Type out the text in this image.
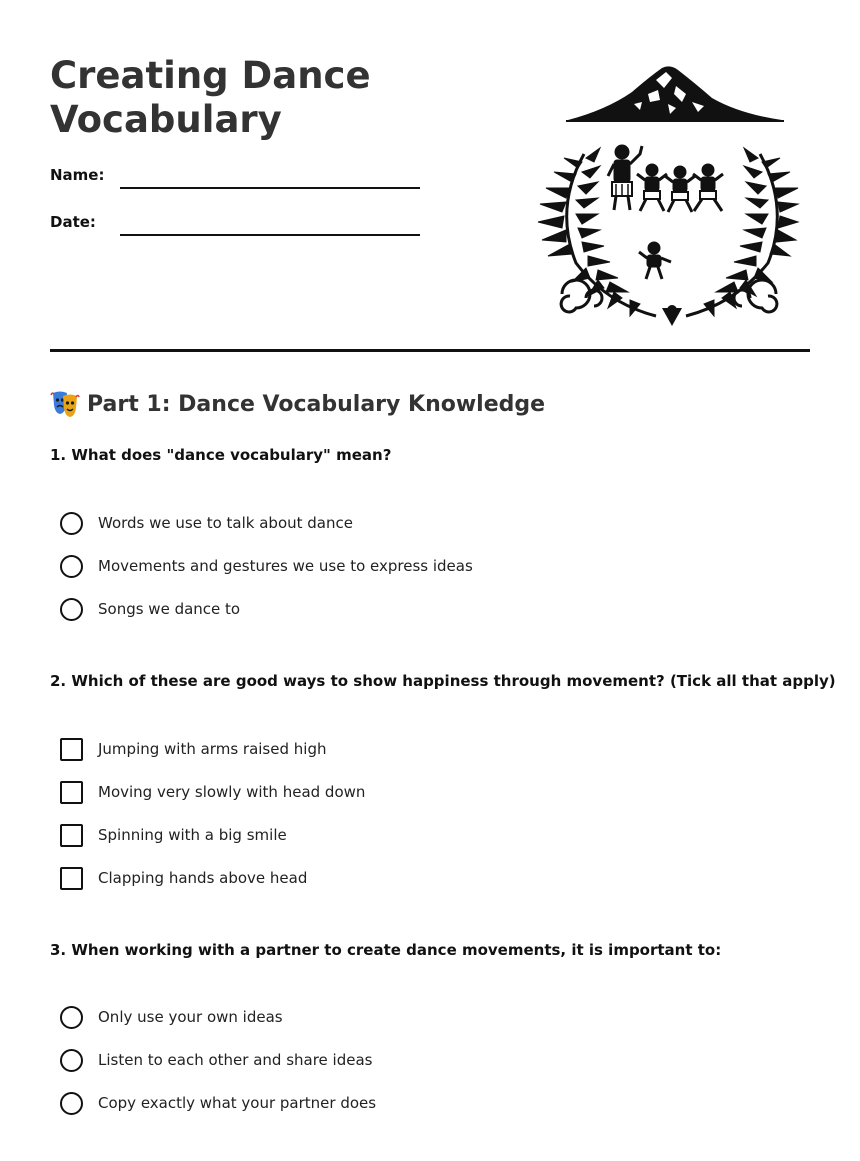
Creating Dance Vocabulary
Name:
Date:
Part 1: Dance Vocabulary Knowledge
1. What does "dance vocabulary" mean?
Words we use to talk about dance
Movements and gestures we use to express ideas
Songs we dance to
2. Which of these are good ways to show happiness through movement? (Tick all that apply)
Jumping with arms raised high
Moving very slowly with head down
Spinning with a big smile
Clapping hands above head
3. When working with a partner to create dance movements, it is important to:
Only use your own ideas
Listen to each other and share ideas
Copy exactly what your partner does
